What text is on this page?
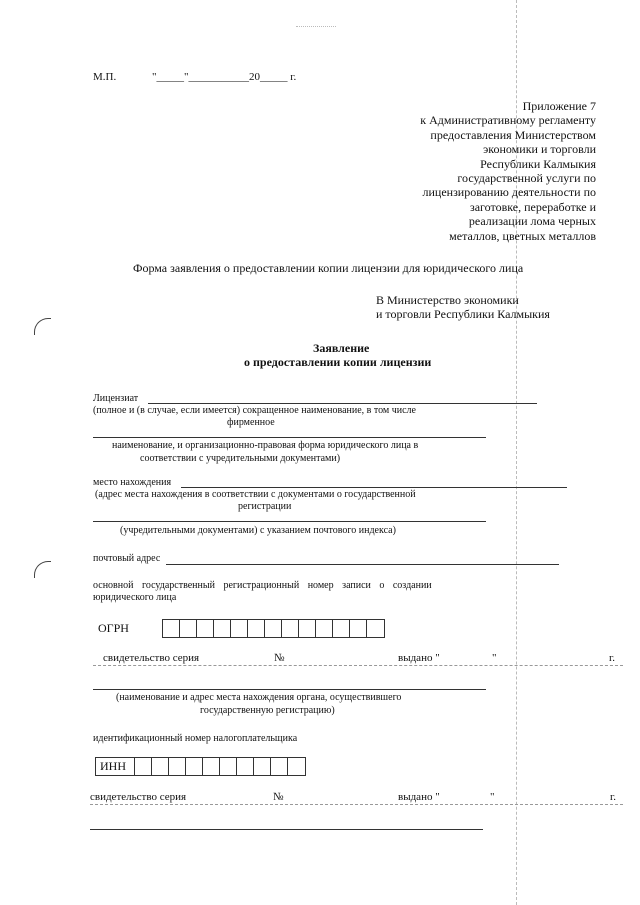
М.П.	"_____"___________20_____ г.
Приложение 7
к Административному регламенту
предоставления Министерством
экономики и торговли
Республики Калмыкия
государственной услуги по
лицензированию деятельности по
заготовке, переработке и
реализации лома черных
металлов, цветных металлов
Форма заявления о предоставлении копии лицензии для юридического лица
В Министерство экономики
и торговли Республики Калмыкия
Заявление
о предоставлении копии лицензии
Лицензиат
(полное и (в случае, если имеется) сокращенное наименование, в том числе
фирменное
наименование, и организационно-правовая форма юридического лица в
соответствии с учредительными документами)
место нахождения
(адрес места нахождения в соответствии с документами о государственной
регистрации
(учредительными документами) с указанием почтового индекса)
почтовый адрес
основной государственный регистрационный номер записи о создании
юридического лица
ОГРН
свидетельство серия	№	выдано "	"	г.
(наименование и адрес места нахождения органа, осуществившего
государственную регистрацию)
идентификационный номер налогоплательщика
ИНН
свидетельство серия	№	выдано "	"	г.
